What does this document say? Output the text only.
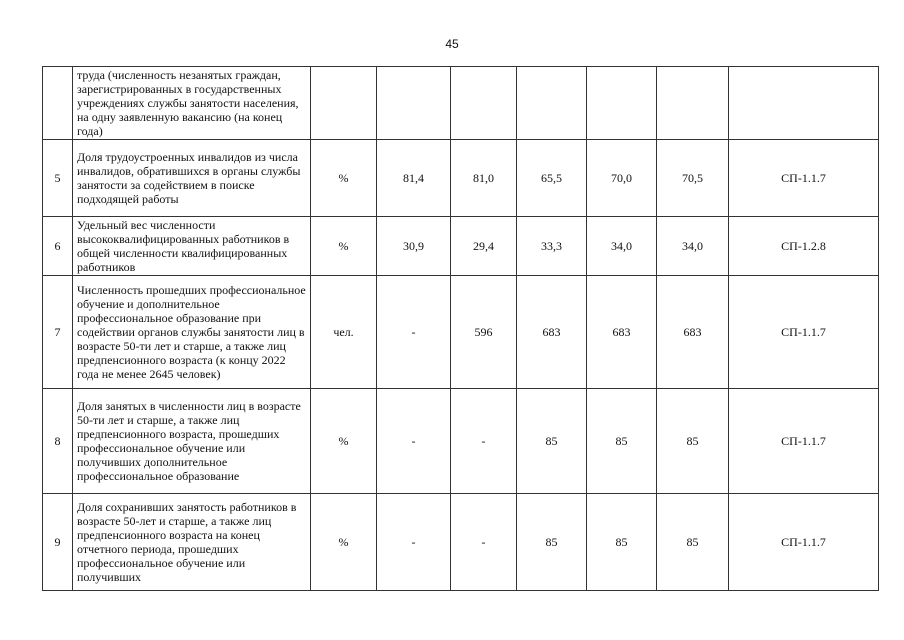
45
	труда (численность незанятых граждан, зарегистрированных в государственных учреждениях службы занятости населения, на одну заявленную вакансию (на конец года)							
5	Доля трудоустроенных инвалидов из числа инвалидов, обратившихся в органы службы занятости за содействием в поиске подходящей работы	%	81,4	81,0	65,5	70,0	70,5	СП-1.1.7
6	Удельный вес численности высококвалифицированных работников в общей численности квалифицированных работников	%	30,9	29,4	33,3	34,0	34,0	СП-1.2.8
7	Численность прошедших профессиональное обучение и дополнительное профессиональное образование при содействии органов службы занятости лиц в возрасте 50-ти лет и старше, а также лиц предпенсионного возраста (к концу 2022 года не менее 2645 человек)	чел.	-	596	683	683	683	СП-1.1.7
8	Доля занятых в численности лиц в возрасте 50-ти лет и старше, а также лиц предпенсионного возраста, прошедших профессиональное обучение или получивших дополнительное профессиональное образование	%	-	-	85	85	85	СП-1.1.7
9	Доля сохранивших занятость работников в возрасте 50-лет и старше, а также лиц предпенсионного возраста на конец отчетного периода, прошедших профессиональное обучение или получивших	%	-	-	85	85	85	СП-1.1.7
